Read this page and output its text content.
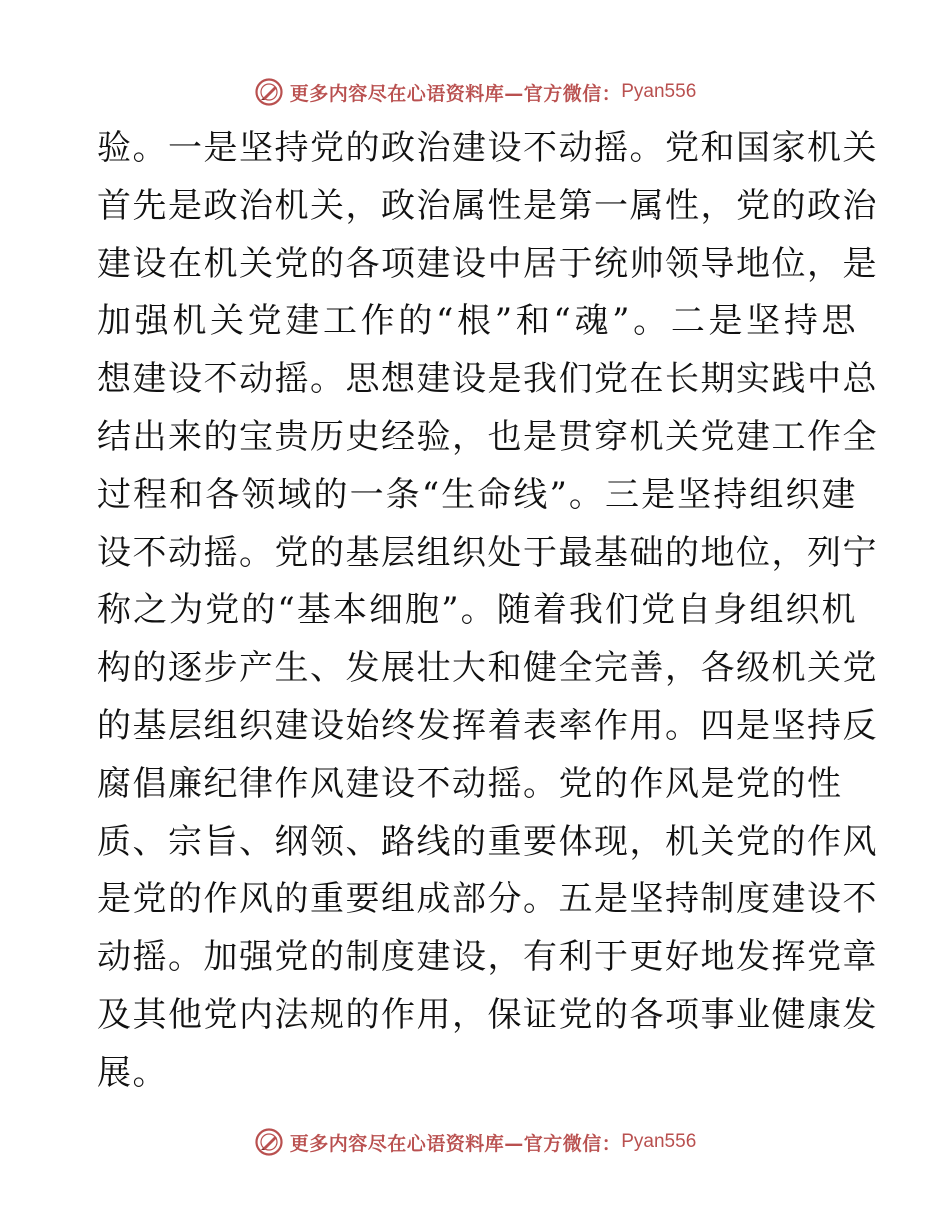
更多内容尽在心语资料库—官方微信： Pyan556
验。一是坚持党的政治建设不动摇。党和国家机关
首先是政治机关，政治属性是第一属性，党的政治
建设在机关党的各项建设中居于统帅领导地位，是
加强机关党建工作的“根”和“魂”。二是坚持思
想建设不动摇。思想建设是我们党在长期实践中总
结出来的宝贵历史经验，也是贯穿机关党建工作全
过程和各领域的一条“生命线”。三是坚持组织建
设不动摇。党的基层组织处于最基础的地位，列宁
称之为党的“基本细胞”。随着我们党自身组织机
构的逐步产生、发展壮大和健全完善，各级机关党
的基层组织建设始终发挥着表率作用。四是坚持反
腐倡廉纪律作风建设不动摇。党的作风是党的性
质、宗旨、纲领、路线的重要体现，机关党的作风
是党的作风的重要组成部分。五是坚持制度建设不
动摇。加强党的制度建设，有利于更好地发挥党章
及其他党内法规的作用，保证党的各项事业健康发
展。
更多内容尽在心语资料库—官方微信： Pyan556
